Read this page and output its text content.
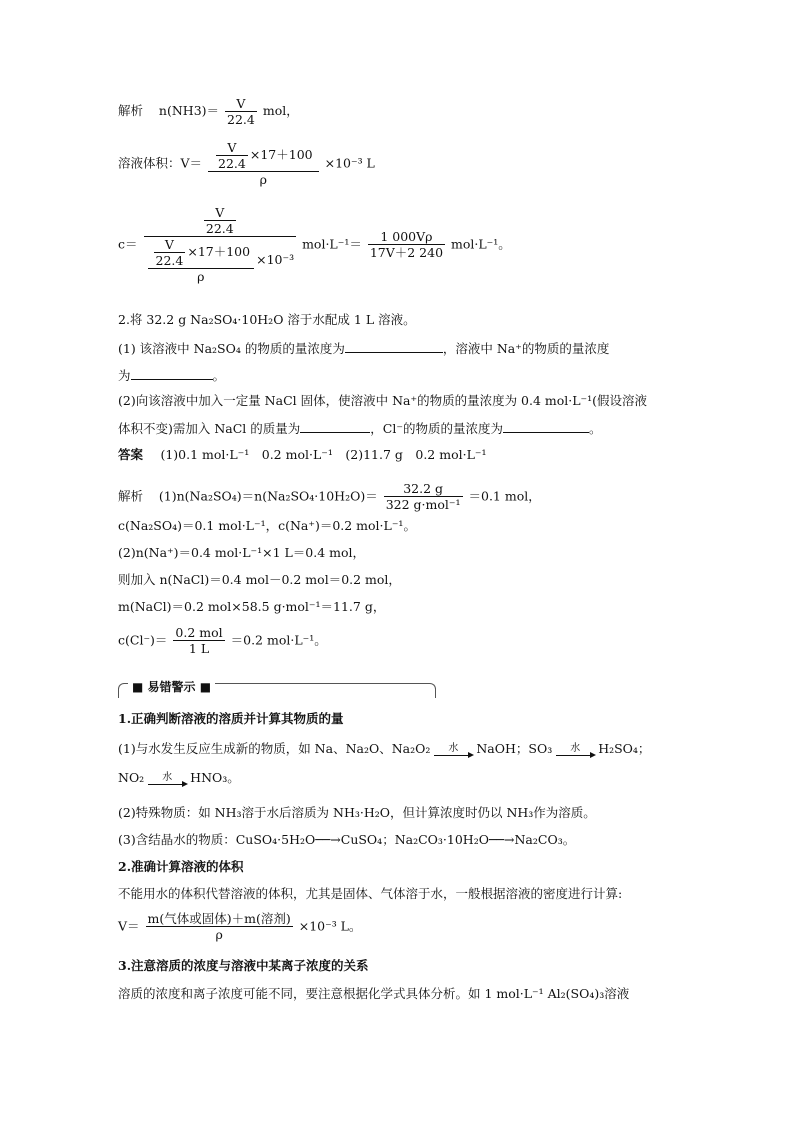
解析 $n(NH3)= \frac{V}{22.4}$ mol，
溶液体积：$V= \frac{\frac{V}{22.4} \times 17+100}{\rho} \times 10^{-3}$ L
c＝
$\frac{V}{22.4}$
$\frac{\frac{V}{22.4} \times 17+100}{\rho} \times 10^{-3}$
$mol\cdot L^{-1}= \frac{1 000V\rho}{17V+2 240} mol\cdot L^{-1}$。
2.将 32.2 g Na₂SO₄·10H₂O 溶于水配成 1 L 溶液。
(1) 该溶液中 Na₂SO₄ 的物质的量浓度为	，溶液中 Na⁺的物质的量浓度
为	。
(2)向该溶液中加入一定量 NaCl 固体，使溶液中 Na⁺的物质的量浓度为 0.4 mol·L⁻¹(假设溶液
体积不变)需加入 NaCl 的质量为	，Cl⁻的物质的量浓度为	。
答案 (1)0.1 mol·L⁻¹　0.2 mol·L⁻¹　(2)11.7 g　0.2 mol·L⁻¹
解析 $(1)n(Na_2SO_4)=n(Na_2SO_4\cdot 10H_2O)= \frac{32.2 g}{\text{322 g·mol⁻¹}} =0.1$ mol，
c(Na₂SO₄)＝0.1 mol·L⁻¹，c(Na⁺)＝0.2 mol·L⁻¹。
(2)n(Na⁺)＝0.4 mol·L⁻¹×1 L＝0.4 mol，
则加入 n(NaCl)＝0.4 mol－0.2 mol＝0.2 mol，
m(NaCl)＝0.2 mol×58.5 g·mol⁻¹＝11.7 g，
$c(Cl^-)= \frac{\text{0.2 mol}}{1 L} =0.2$ mol·L⁻¹。
■ 易错警示 ■
1.正确判断溶液的溶质并计算其物质的量
(1)与水发生反应生成新的物质，如 Na、Na₂O、Na₂O₂	水	NaOH；SO₃	水	H₂SO₄；
NO₂	水	HNO₃。
(2)特殊物质：如 NH₃溶于水后溶质为 NH₃·H₂O，但计算浓度时仍以 NH₃作为溶质。
(3)含结晶水的物质：CuSO₄·5H₂O──→CuSO₄；Na₂CO₃·10H₂O──→Na₂CO₃。
2.准确计算溶液的体积
不能用水的体积代替溶液的体积，尤其是固体、气体溶于水，一般根据溶液的密度进行计算:
$V= \frac{\text{m(气体或固体)＋m(溶剂)}}{\rho} \times 10^{-3}$ L。
3.注意溶质的浓度与溶液中某离子浓度的关系
溶质的浓度和离子浓度可能不同，要注意根据化学式具体分析。如 1 mol·L⁻¹ Al₂(SO₄)₃溶液
